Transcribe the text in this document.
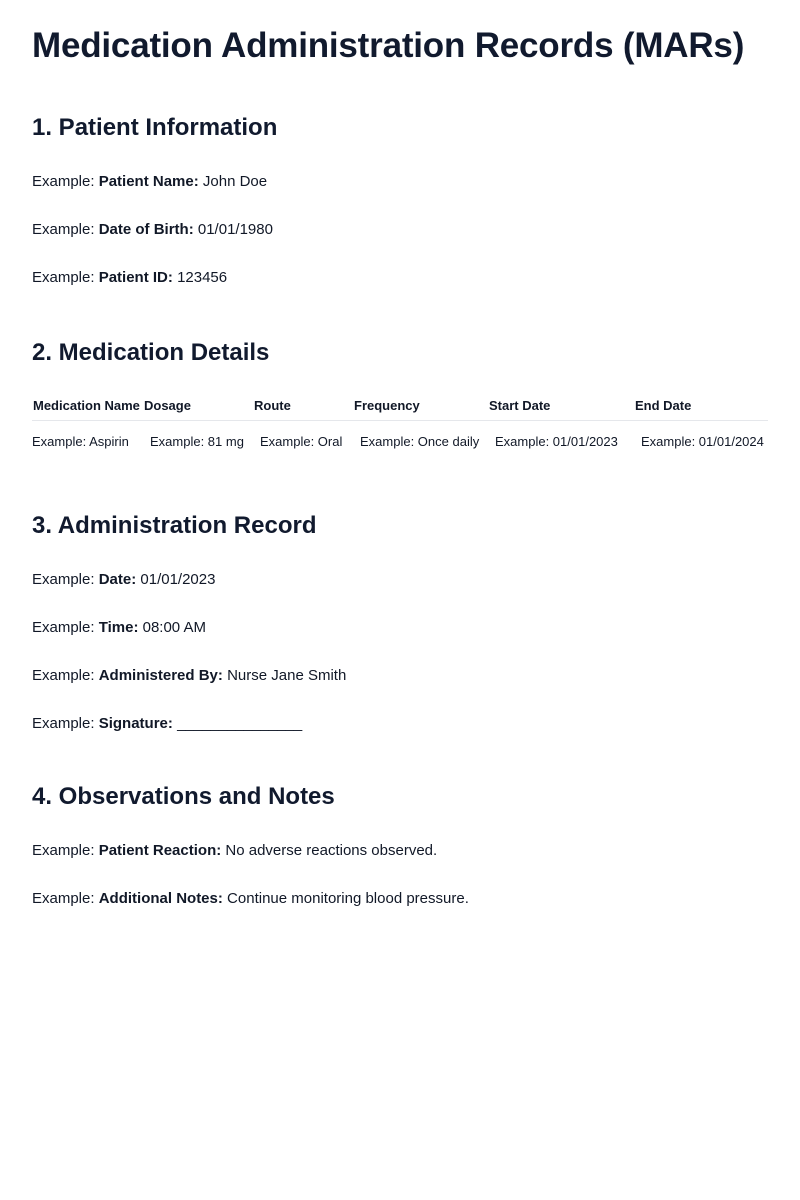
Medication Administration Records (MARs)
1. Patient Information

Example: Patient Name: John Doe

Example: Date of Birth: 01/01/1980

Example: Patient ID: 123456

2. Medication Details
Medication Name	Dosage	Route	Frequency	Start Date	End Date
Example: Aspirin	Example: 81 mg	Example: Oral	Example: Once daily	Example: 01/01/2023	Example: 01/01/2024
3. Administration Record

Example: Date: 01/01/2023

Example: Time: 08:00 AM

Example: Administered By: Nurse Jane Smith

Example: Signature: _______________

4. Observations and Notes

Example: Patient Reaction: No adverse reactions observed.

Example: Additional Notes: Continue monitoring blood pressure.
